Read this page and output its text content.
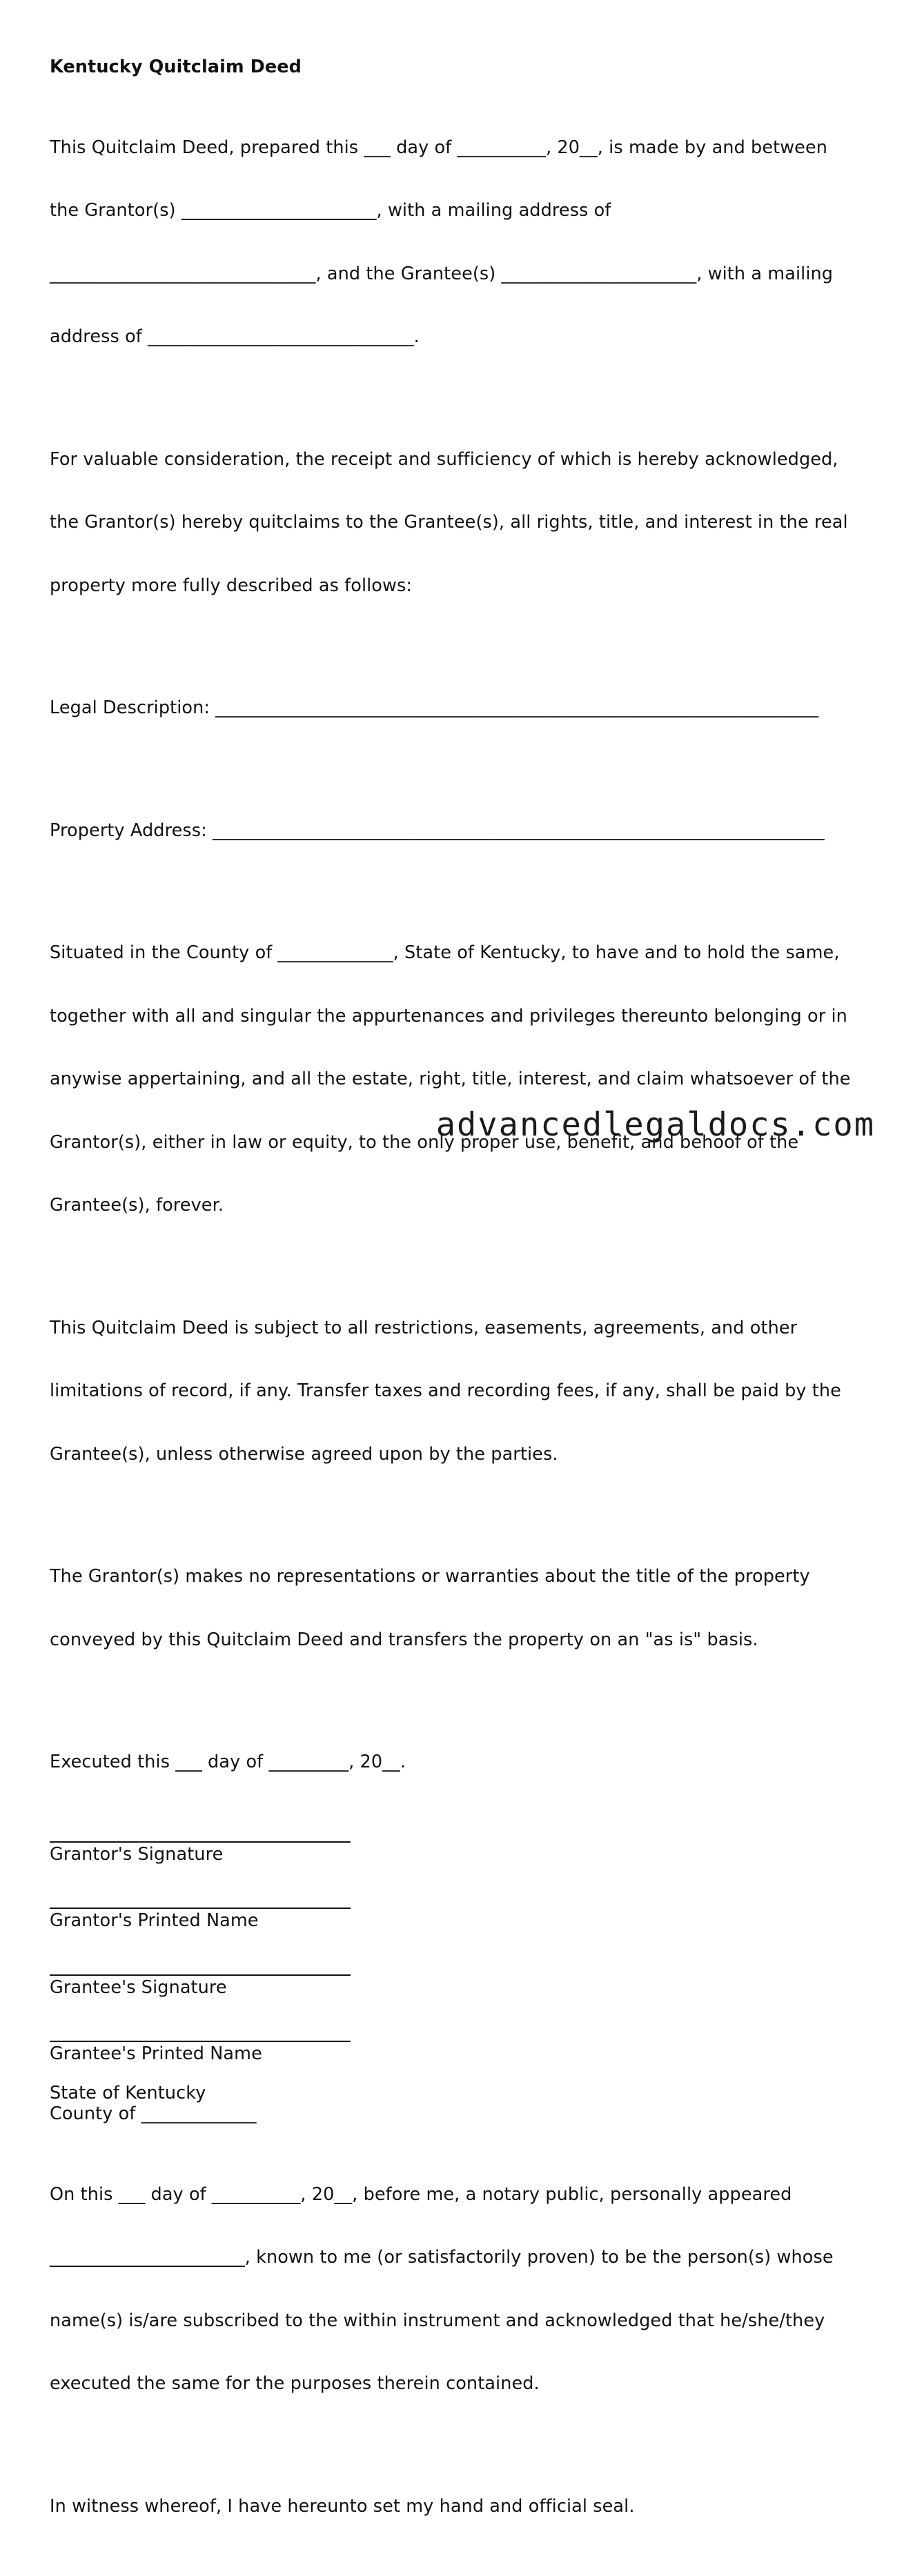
Kentucky Quitclaim Deed

This Quitclaim Deed, prepared this ___ day of __________, 20__, is made by and between

the Grantor(s) ______________________, with a mailing address of

______________________________, and the Grantee(s) ______________________, with a mailing

address of ______________________________.

For valuable consideration, the receipt and sufficiency of which is hereby acknowledged,

the Grantor(s) hereby quitclaims to the Grantee(s), all rights, title, and interest in the real

property more fully described as follows:

Legal Description: ____________________________________________________________________

Property Address: _____________________________________________________________________

Situated in the County of _____________, State of Kentucky, to have and to hold the same,

together with all and singular the appurtenances and privileges thereunto belonging or in

anywise appertaining, and all the estate, right, title, interest, and claim whatsoever of the

Grantor(s), either in law or equity, to the only proper use, benefit, and behoof of the

Grantee(s), forever.

This Quitclaim Deed is subject to all restrictions, easements, agreements, and other

limitations of record, if any. Transfer taxes and recording fees, if any, shall be paid by the

Grantee(s), unless otherwise agreed upon by the parties.

The Grantor(s) makes no representations or warranties about the title of the property

conveyed by this Quitclaim Deed and transfers the property on an "as is" basis.

Executed this ___ day of _________, 20__.

Grantor's Signature
Grantor's Printed Name
Grantee's Signature
Grantee's Printed Name
State of Kentucky
County of _____________

On this ___ day of __________, 20__, before me, a notary public, personally appeared

______________________, known to me (or satisfactorily proven) to be the person(s) whose

name(s) is/are subscribed to the within instrument and acknowledged that he/she/they

executed the same for the purposes therein contained.

In witness whereof, I have hereunto set my hand and official seal.

advancedlegaldocs.com
